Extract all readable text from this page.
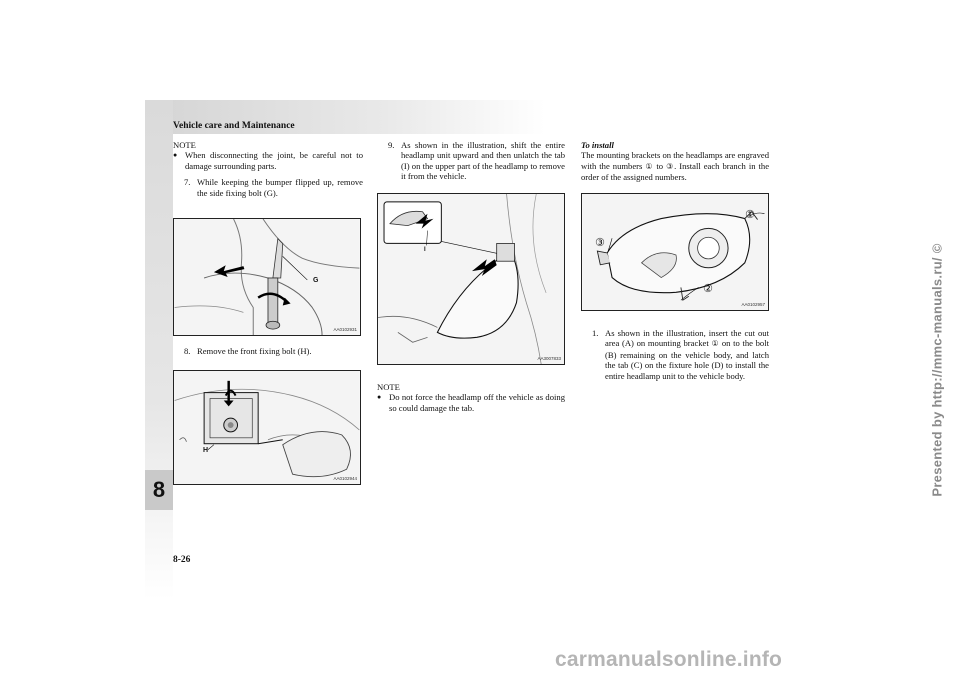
8
Vehicle care and Maintenance
8-26
NOTE
● When disconnecting the joint, be careful not to damage surrounding parts.
7. While keeping the bumper flipped up, remove the side fixing bolt (G).
G
AA0102931
8. Remove the front fixing bolt (H).
H
AA0102944
9. As shown in the illustration, shift the entire headlamp unit upward and then unlatch the tab (I) on the upper part of the headlamp to remove it from the vehicle.
I
AA3007833
NOTE
● Do not force the headlamp off the vehicle as doing so could damage the tab.
To install
The mounting brackets on the headlamps are engraved with the numbers ① to ③. Install each branch in the order of the assigned numbers.
①
②
③
AA0102957
1. As shown in the illustration, insert the cut out area (A) on mounting bracket ① on to the bolt (B) remaining on the vehicle body, and latch the tab (C) on the fixture hole (D) to install the entire headlamp unit to the vehicle body.	Presented by http://mmc-manuals.ru/ ©
carmanualsonline.info
